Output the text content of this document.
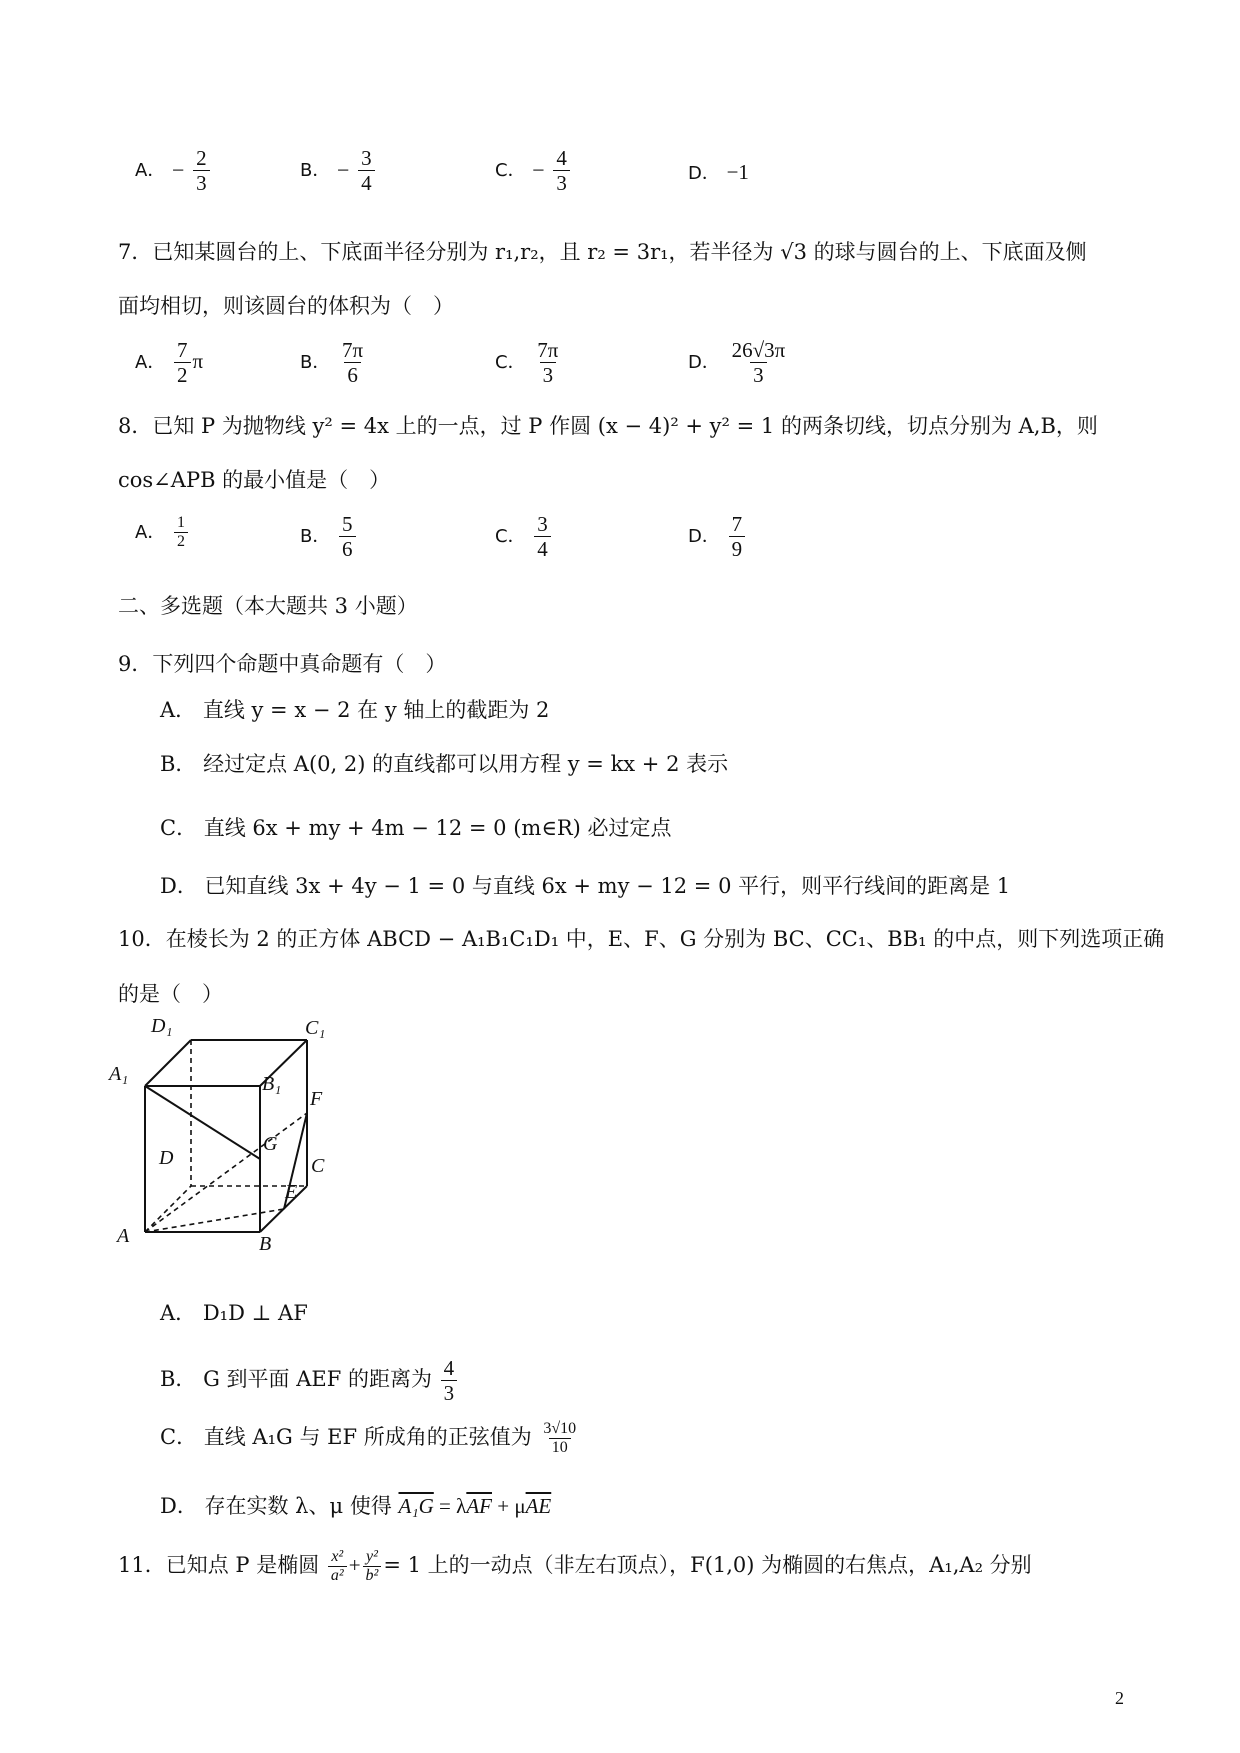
A． − $\frac{2}{3}$	B． − $\frac{3}{4}$	C． − $\frac{4}{3}$	D． −1
7．已知某圆台的上、下底面半径分别为 r₁,r₂，且 r₂ = 3r₁，若半径为 √3 的球与圆台的上、下底面及侧
面均相切，则该圆台的体积为（　）
A． $\frac{7}{2}$ π	B． $\frac{7\pi}{6}$	C． $\frac{7\pi}{3}$	D． $\frac{26√3\pi}{3}$
8．已知 P 为抛物线 y² = 4x 上的一点，过 P 作圆 (x − 4)² + y² = 1 的两条切线，切点分别为 A,B，则
cos∠APB 的最小值是（　）
A． $\frac{1}{2}$	B． $\frac{5}{6}$	C． $\frac{3}{4}$	D． $\frac{7}{9}$
二、多选题（本大题共 3 小题）
9．下列四个命题中真命题有（　）
A． 直线 y = x − 2 在 y 轴上的截距为 2
B． 经过定点 A(0, 2) 的直线都可以用方程 y = kx + 2 表示
C． 直线 6x + my + 4m − 12 = 0 (m∈R) 必过定点
D． 已知直线 3x + 4y − 1 = 0 与直线 6x + my − 12 = 0 平行，则平行线间的距离是 1
10．在棱长为 2 的正方体 ABCD − A₁B₁C₁D₁ 中，E、F、G 分别为 BC、CC₁、BB₁ 的中点，则下列选项正确
的是（　）
D₁	C₁
A₁	B₁
F
G
D	C
E
A	B
A． D₁D ⊥ AF
B． G 到平面 AEF 的距离为 $\frac{4}{3}$
C． 直线 A₁G 与 EF 所成角的正弦值为 $\frac{3√10}{10}$
D． 存在实数 λ、μ 使得 $A_1G = \lambda\overline{AF} + \mu\overline{AE}$
11．已知点 P 是椭圆 $\frac{\text{x²}}{\text{a²}} + \frac{\text{y²}}{\text{b²}} = 1$ 上的一动点（非左右顶点），F(1,0) 为椭圆的右焦点，A₁,A₂ 分别
2
